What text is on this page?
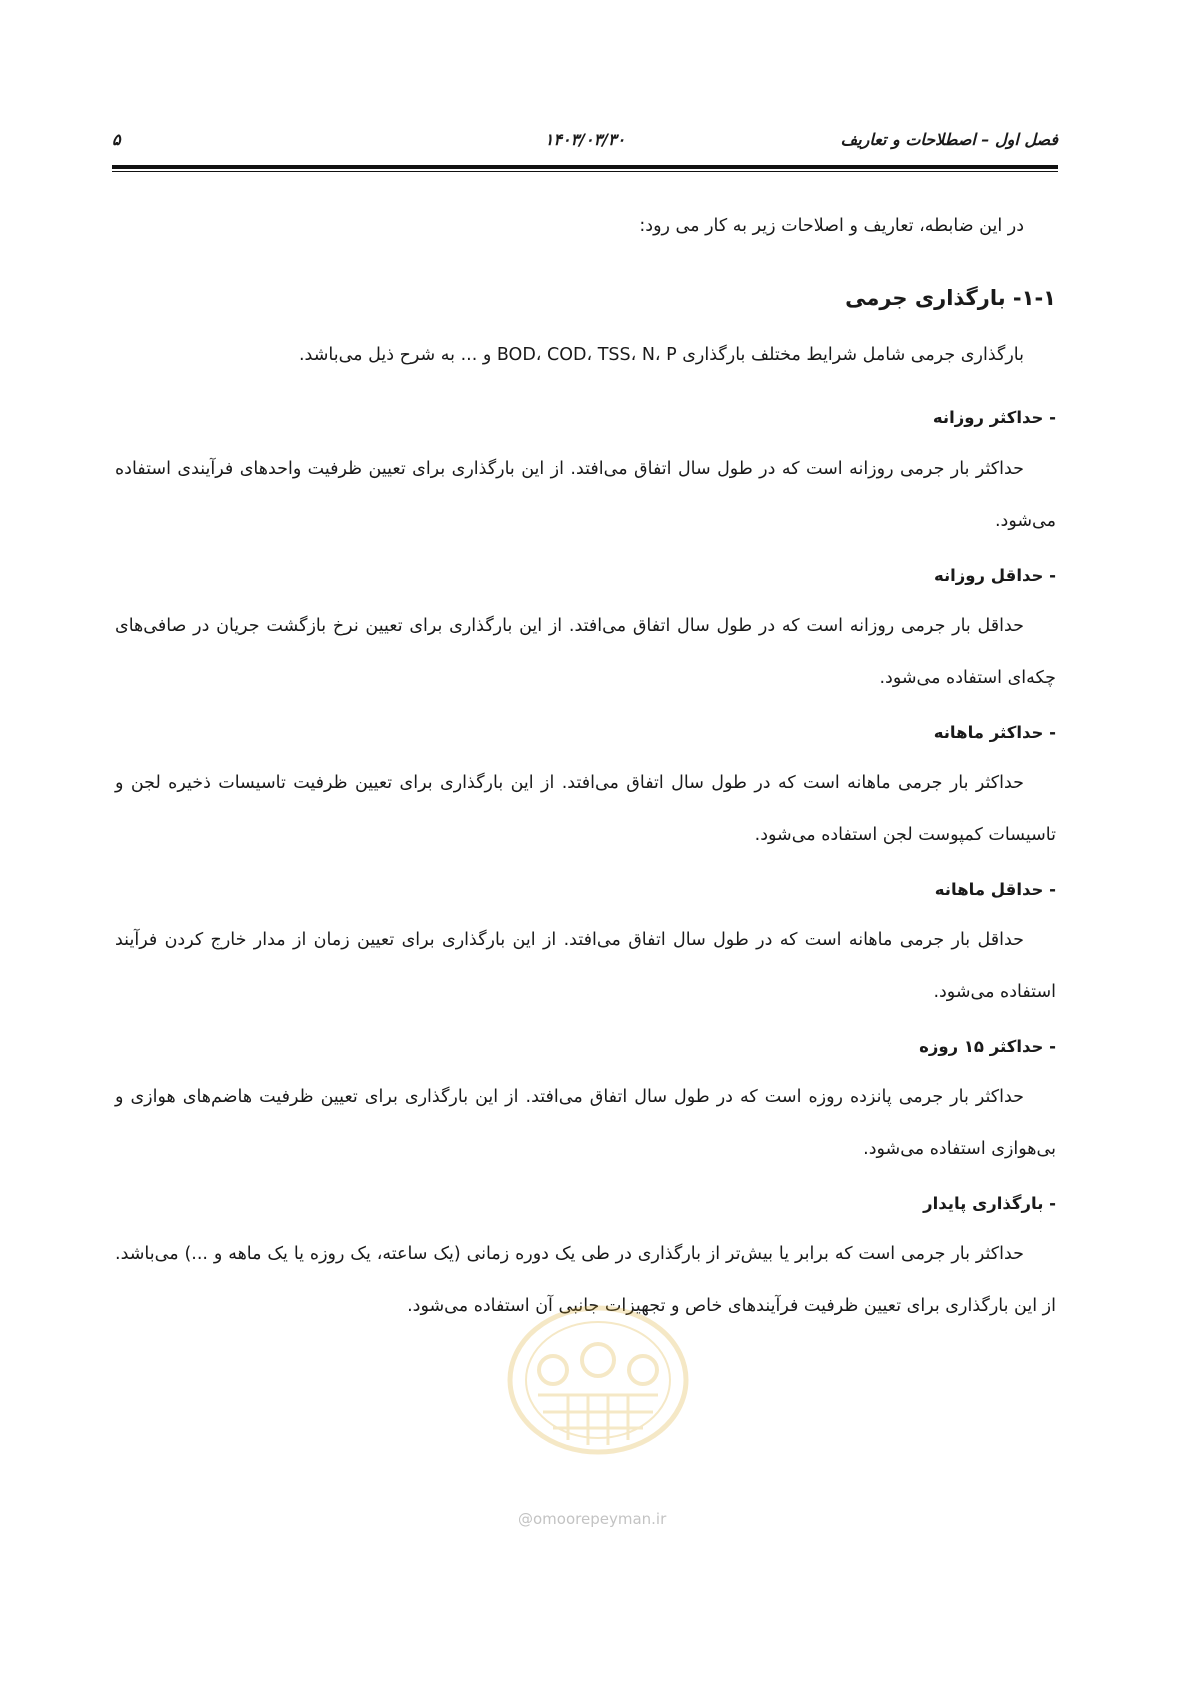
فصل اول – اصطلاحات و تعاریف
۱۴۰۳/۰۳/۳۰
۵

در این ضابطه، تعاریف و اصلاحات زیر به کار می رود:

۱-۱- بارگذاری جرمی

بارگذاری جرمی شامل شرایط مختلف بارگذاری BOD، COD، TSS، N، P و ... به شرح ذیل می‌باشد.

- حداکثر روزانه

حداکثر بار جرمی روزانه است که در طول سال اتفاق می‌افتد. از این بارگذاری برای تعیین ظرفیت واحدهای فرآیندی استفاده می‌شود.

- حداقل روزانه

حداقل بار جرمی روزانه است که در طول سال اتفاق می‌افتد. از این بارگذاری برای تعیین نرخ بازگشت جریان در صافی‌های چکه‌ای استفاده می‌شود.

- حداکثر ماهانه

حداکثر بار جرمی ماهانه است که در طول سال اتفاق می‌افتد. از این بارگذاری برای تعیین ظرفیت تاسیسات ذخیره لجن و تاسیسات کمپوست لجن استفاده می‌شود.

- حداقل ماهانه

حداقل بار جرمی ماهانه است که در طول سال اتفاق می‌افتد. از این بارگذاری برای تعیین زمان از مدار خارج کردن فرآیند استفاده می‌شود.

- حداکثر ۱۵ روزه

حداکثر بار جرمی پانزده روزه است که در طول سال اتفاق می‌افتد. از این بارگذاری برای تعیین ظرفیت هاضم‌های هوازی و بی‌هوازی استفاده می‌شود.

- بارگذاری پایدار

حداکثر بار جرمی است که برابر یا بیش‌تر از بارگذاری در طی یک دوره زمانی (یک ساعته، یک روزه یا یک ماهه و ...) می‌باشد. از این بارگذاری برای تعیین ظرفیت فرآیندهای خاص و تجهیزات جانبی آن استفاده می‌شود.

@omoorepeyman.ir
